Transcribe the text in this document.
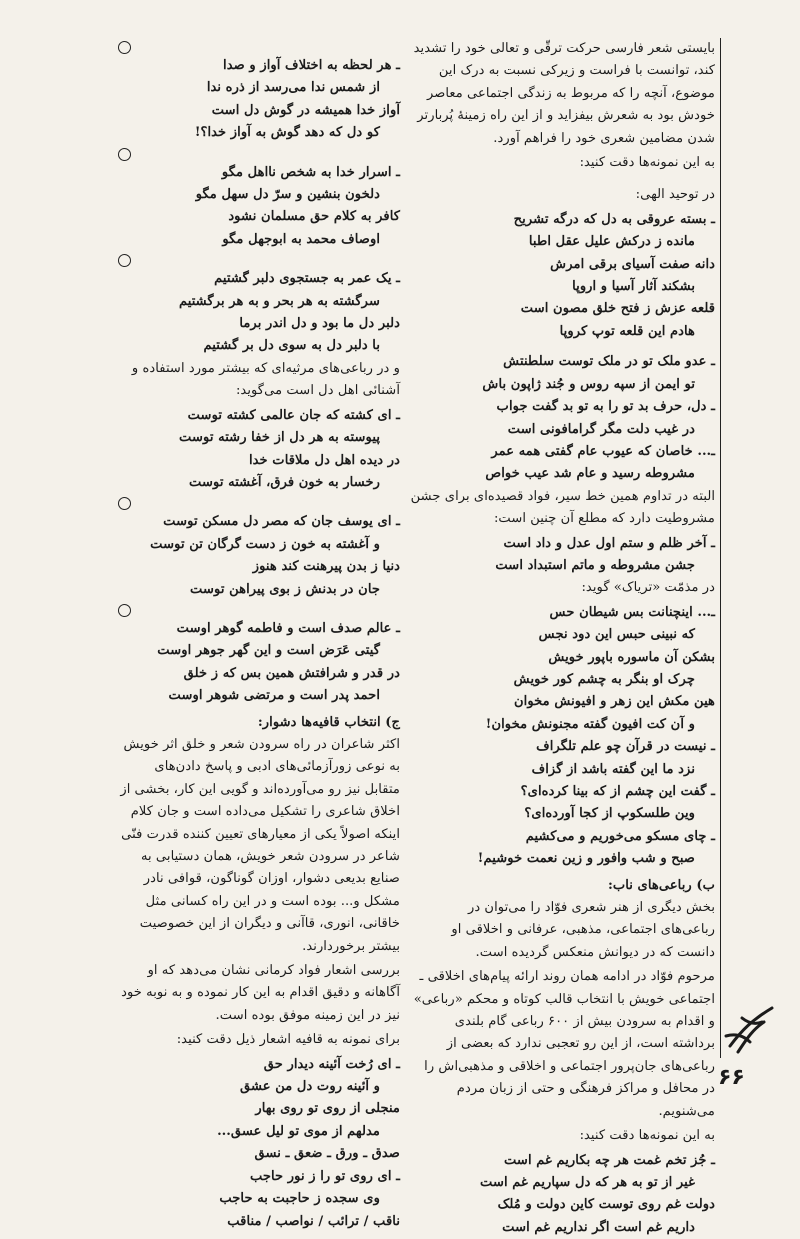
بایستی شعر فارسی حرکت ترقّی و تعالی خود را تشدید کند، توانست با فراست و زیرکی نسبت به درک این موضوع، آنچه را که مربوط به زندگی اجتماعی معاصر خودش بود به شعرش بیفزاید و از این راه زمینهٔ پُربارتر شدن مضامین شعری خود را فراهم آورد.
به این نمونه‌ها دقت کنید:
در توحید الهی:
ـ بسته عروقی به دل که درگه تشریح
مانده ز درکش علیل عقل اطبا
دانه صفت آسیای برقی امرش
بشکند آثار آسیا و اروپا
قلعه عزش ز فتح خلق مصون است
هادم این قلعه توپ کروپا
ـ عدو ملک تو در ملک توست سلطنتش
تو ایمن از سپه روس و جُند ژاپون باش
ـ دل، حرف بد تو را به تو بد گفت جواب
در غیب دلت مگر گرامافونی است
ـ... خاصان که عیوب عام گفتی همه عمر
مشروطه رسید و عام شد عیب خواص
البته در تداوم همین خط سیر، فواد قصیده‌ای برای جشن مشروطیت دارد که مطلع آن چنین است:
ـ آخر ظلم و ستم اول عدل و داد است
جشن مشروطه و ماتم استبداد است
در مذمّت «تریاک» گوید:
ـ... اینچنانت بس شیطان حس
که نبینی حبس این دود نجس
بشکن آن ماسوره باپور خویش
چرک او بنگر به چشم کور خویش
هین مکش این زهر و افیونش مخوان
و آن کت افیون گفته مجنونش مخوان!
ـ نیست در قرآن چو علم تلگراف
نزد ما این گفته باشد از گزاف
ـ گفت این چشم از که بینا کرده‌ای؟
وین طلسکوپ از کجا آورده‌ای؟
ـ چای مسکو می‌خوریم و می‌کشیم
صبح و شب وافور و زین نعمت خوشیم!
ب) رباعی‌های ناب:
بخش دیگری از هنر شعری فوّاد را می‌توان در رباعی‌های اجتماعی، مذهبی، عرفانی و اخلاقی او دانست که در دیوانش منعکس گردیده است.
مرحوم فوّاد در ادامه همان روند ارائه پیام‌های اخلاقی ـ اجتماعی خویش با انتخاب قالب کوتاه و محکم «رباعی» و اقدام به سرودن بیش از ۶۰۰ رباعی گام بلندی برداشته است، از این رو تعجبی ندارد که بعضی از رباعی‌های جان‌پرور اجتماعی و اخلاقی و مذهبی‌اش را در محافل و مراکز فرهنگی و حتی از زبان مردم می‌شنویم.
به این نمونه‌ها دقت کنید:
ـ جُز تخم غمت هر چه بکاریم غم است
غیر از تو به هر که دل سپاریم غم است
دولت غم روی توست کاین دولت و مُلک
داریم غم است اگر نداریم غم است
ـ هر لحظه به اختلاف آواز و صدا
از شمس ندا می‌رسد از ذره ندا
آواز خدا همیشه در گوش دل است
کو دل که دهد گوش به آواز خدا؟!
ـ اسرار خدا به شخص نااهل مگو
دلخون بنشین و سرّ دل سهل مگو
کافر به کلام حق مسلمان نشود
اوصاف محمد به ابوجهل مگو
ـ یک عمر به جستجوی دلبر گشتیم
سرگشته به هر بحر و به هر برگشتیم
دلبر دل ما بود و دل اندر برما
با دلبر دل به سوی دل بر گشتیم
و در رباعی‌های مرثیه‌ای که بیشتر مورد استفاده و آشنائی اهل دل است می‌گوید:
ـ ای کشته که جان عالمی کشته توست
پیوسته به هر دل از خفا رشته توست
در دیده اهل دل ملاقات خدا
رخسار به خون فرق، آغشته توست
ـ ای یوسف جان که مصر دل مسکن توست
و آغشته به خون ز دست گرگان تن توست
دنیا ز بدن پیرهنت کند هنوز
جان در بدنش ز بوی پیراهن توست
ـ عالم صدف است و فاطمه گوهر اوست
گیتی عَرَض است و این گهر جوهر اوست
در قدر و شرافتش همین بس که ز خلق
احمد پدر است و مرتضی شوهر اوست
ج) انتخاب قافیه‌ها دشوار:
اکثر شاعران در راه سرودن شعر و خلق اثر خویش به نوعی زورآزمائی‌های ادبی و پاسخ دادن‌های متقابل نیز رو می‌آورده‌اند و گویی این کار، بخشی از اخلاق شاعری را تشکیل می‌داده است و جان کلام اینکه اصولاً یکی از معیارهای تعیین کننده قدرت فنّی شاعر در سرودن شعر خویش، همان دستیابی به صنایع بدیعی دشوار، اوزان گوناگون، قوافی نادر مشکل و... بوده است و در این راه کسانی مثل خاقانی، انوری، قاآنی و دیگران از این خصوصیت بیشتر برخوردارند.
بررسی اشعار فواد کرمانی نشان می‌دهد که او آگاهانه و دقیق اقدام به این کار نموده و به نوبه خود نیز در این زمینه موفق بوده است.
برای نمونه به قافیه اشعار ذیل دقت کنید:
ـ ای رُخت آئینه دیدار حق
و آئینه روت دل من عشق
منجلی از روی تو روی بهار
مدلهم از موی تو لیل عسق...
صدق ـ ورق ـ ضعق ـ نسق
ـ ای روی تو را ز نور حاجب
وی سجده ز حاجبت به حاجب
ناقب / ترائب / نواصب / مناقب
۶۶
